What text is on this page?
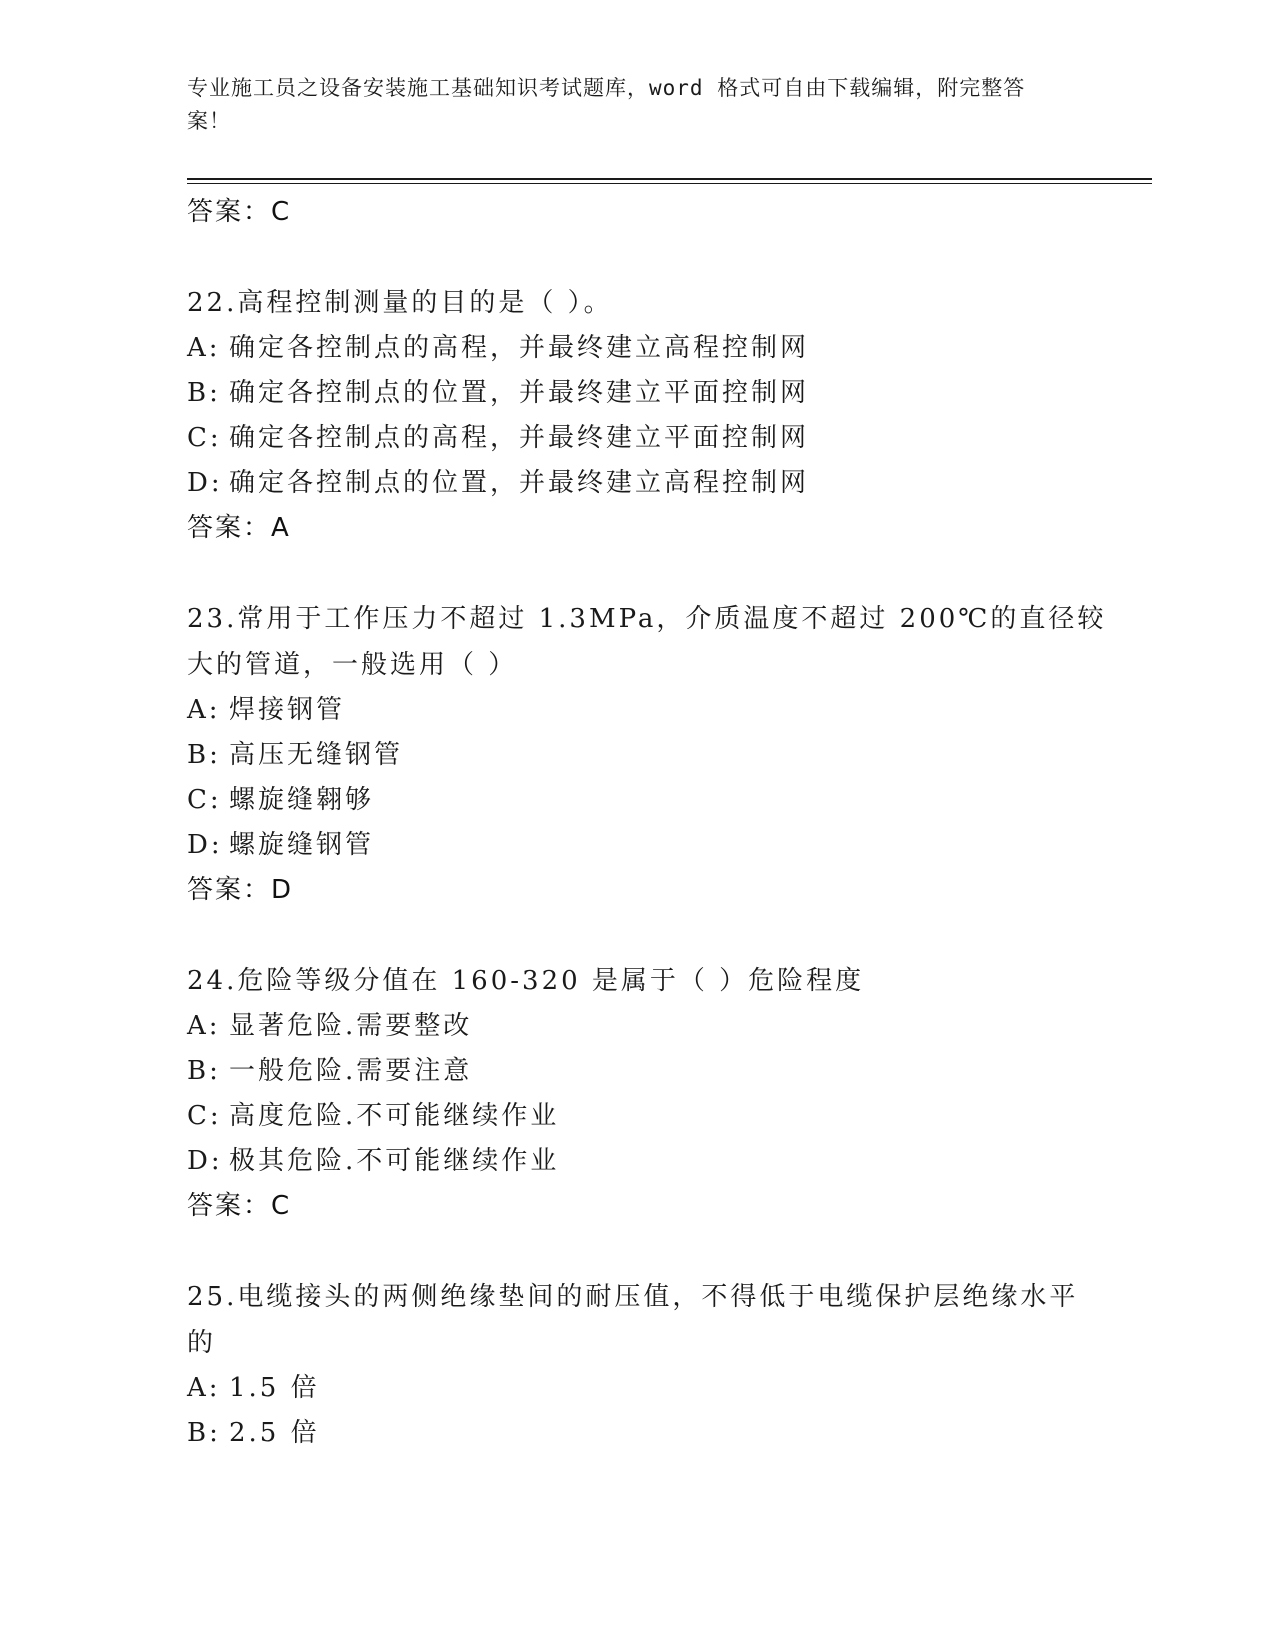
专业施工员之设备安装施工基础知识考试题库，word 格式可自由下载编辑，附完整答案！
答案：C
22.高程控制测量的目的是（ ）。
A: 确定各控制点的高程，并最终建立高程控制网
B: 确定各控制点的位置，并最终建立平面控制网
C: 确定各控制点的高程，并最终建立平面控制网
D: 确定各控制点的位置，并最终建立高程控制网
答案：A
23.常用于工作压力不超过 1.3MPa，介质温度不超过 200℃的直径较大的管道，一般选用（ ）
A: 焊接钢管
B: 高压无缝钢管
C: 螺旋缝翱够
D: 螺旋缝钢管
答案：D
24.危险等级分值在 160-320 是属于（ ）危险程度
A: 显著危险.需要整改
B: 一般危险.需要注意
C: 高度危险.不可能继续作业
D: 极其危险.不可能继续作业
答案：C
25.电缆接头的两侧绝缘垫间的耐压值，不得低于电缆保护层绝缘水平的
A: 1.5 倍
B: 2.5 倍
